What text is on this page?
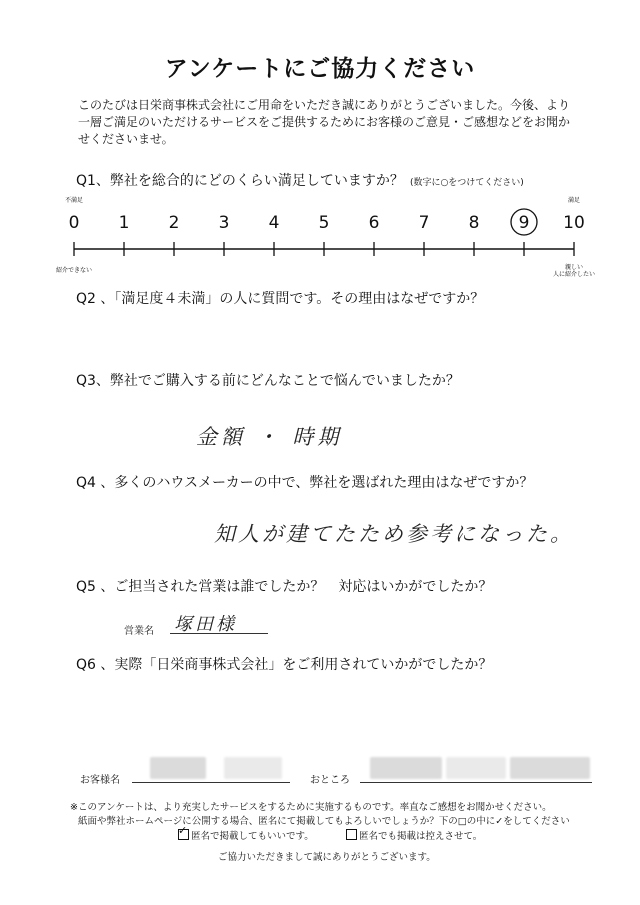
アンケートにご協力ください
このたびは日栄商事株式会社にご用命をいただき誠にありがとうございました。今後、より一層ご満足のいただけるサービスをご提供するためにお客様のご意見・ご感想などをお聞かせくださいませ。
Q1、弊社を総合的にどのくらい満足していますか？ (数字に○をつけてください)
0 1 2 3 4 5 6 7 8 9 10
不満足
紹介できない
満足
親しい人に紹介したい
Q2 、「満足度４未満」の人に質問です。その理由はなぜですか？
Q3、弊社でご購入する前にどんなことで悩んでいましたか？
金額 ・ 時期
Q4 、多くのハウスメーカーの中で、弊社を選ばれた理由はなぜですか？
知人が建てたため参考になった。
Q5 、ご担当された営業は誰でしたか？　対応はいかがでしたか？
営業名 塚田様
Q6 、実際「日栄商事株式会社」をご利用されていかがでしたか？
お客様名	おところ
※このアンケートは、より充実したサービスをするために実施するものです。率直なご感想をお聞かせください。
紙面や弊社ホームページに公開する場合、匿名にて掲載してもよろしいでしょうか？下の□の中に✓をしてください
✓ 匿名で掲載してもいいです。	匿名でも掲載は控えさせて。
ご協力いただきまして誠にありがとうございます。
